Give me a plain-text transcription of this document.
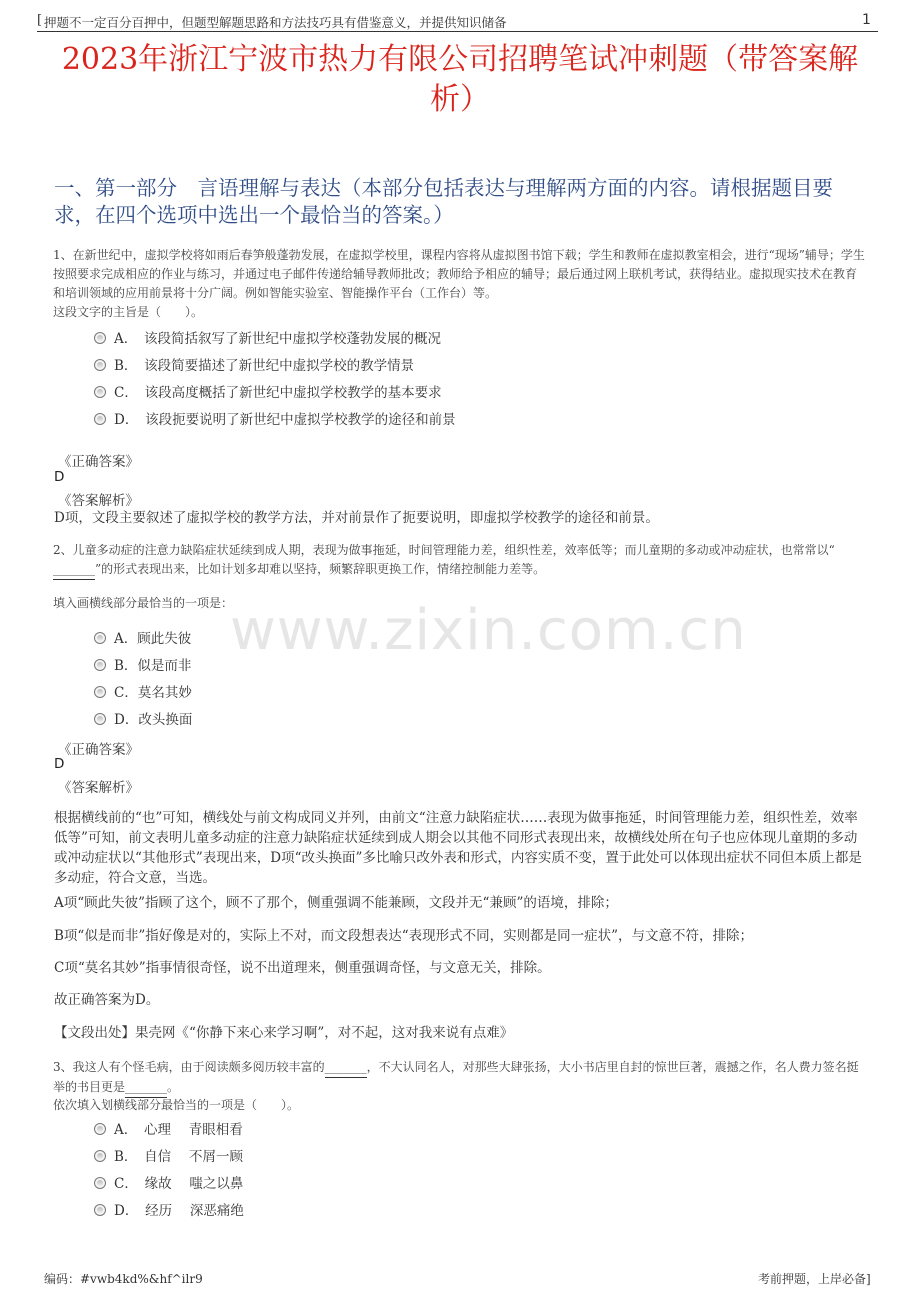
[ 押题不一定百分百押中，但题型解题思路和方法技巧具有借鉴意义，并提供知识储备	1
2023年浙江宁波市热力有限公司招聘笔试冲刺题（带答案解析）
一、第一部分　言语理解与表达（本部分包括表达与理解两方面的内容。请根据题目要求，在四个选项中选出一个最恰当的答案。）
www.zixin.com.cn
1、在新世纪中，虚拟学校将如雨后春笋般蓬勃发展，在虚拟学校里，课程内容将从虚拟图书馆下载；学生和教师在虚拟教室相会，进行“现场”辅导；学生按照要求完成相应的作业与练习，并通过电子邮件传递给辅导教师批改；教师给予相应的辅导；最后通过网上联机考试，获得结业。虚拟现实技术在教育和培训领域的应用前景将十分广阔。例如智能实验室、智能操作平台（工作台）等。
这段文字的主旨是（　　）。
A．　该段简括叙写了新世纪中虚拟学校蓬勃发展的概况
B．　该段简要描述了新世纪中虚拟学校的教学情景
C．　该段高度概括了新世纪中虚拟学校教学的基本要求
D．　该段扼要说明了新世纪中虚拟学校教学的途径和前景
《正确答案》
D
《答案解析》
D项，文段主要叙述了虚拟学校的教学方法，并对前景作了扼要说明，即虚拟学校教学的途径和前景。
2、儿童多动症的注意力缺陷症状延续到成人期，表现为做事拖延，时间管理能力差，组织性差，效率低等；而儿童期的多动或冲动症状，也常常以“_______”的形式表现出来，比如计划多却难以坚持，频繁辞职更换工作，情绪控制能力差等。
填入画横线部分最恰当的一项是：
A．顾此失彼
B．似是而非
C．莫名其妙
D．改头换面
《正确答案》
D
《答案解析》
根据横线前的“也”可知，横线处与前文构成同义并列，由前文“注意力缺陷症状……表现为做事拖延，时间管理能力差，组织性差，效率低等”可知，前文表明儿童多动症的注意力缺陷症状延续到成人期会以其他不同形式表现出来，故横线处所在句子也应体现儿童期的多动或冲动症状以“其他形式”表现出来，D项“改头换面”多比喻只改外表和形式，内容实质不变，置于此处可以体现出症状不同但本质上都是多动症，符合文意，当选。
A项“顾此失彼”指顾了这个，顾不了那个，侧重强调不能兼顾，文段并无“兼顾”的语境，排除；
B项“似是而非”指好像是对的，实际上不对，而文段想表达“表现形式不同，实则都是同一症状”，与文意不符，排除；
C项“莫名其妙”指事情很奇怪，说不出道理来，侧重强调奇怪，与文意无关，排除。
故正确答案为D。
【文段出处】果壳网《“你静下来心来学习啊”，对不起，这对我来说有点难》
3、我这人有个怪毛病，由于阅读颇多阅历较丰富的_______，不大认同名人，对那些大肆张扬，大小书店里自封的惊世巨著，震撼之作，名人费力签名挺举的书目更是_______。
依次填入划横线部分最恰当的一项是（　　）。
A．　心理　 青眼相看
B．　自信　 不屑一顾
C．　缘故　 嗤之以鼻
D．　经历　 深恶痛绝
编码：#vwb4kd%&hf^ilr9	考前押题，上岸必备]
